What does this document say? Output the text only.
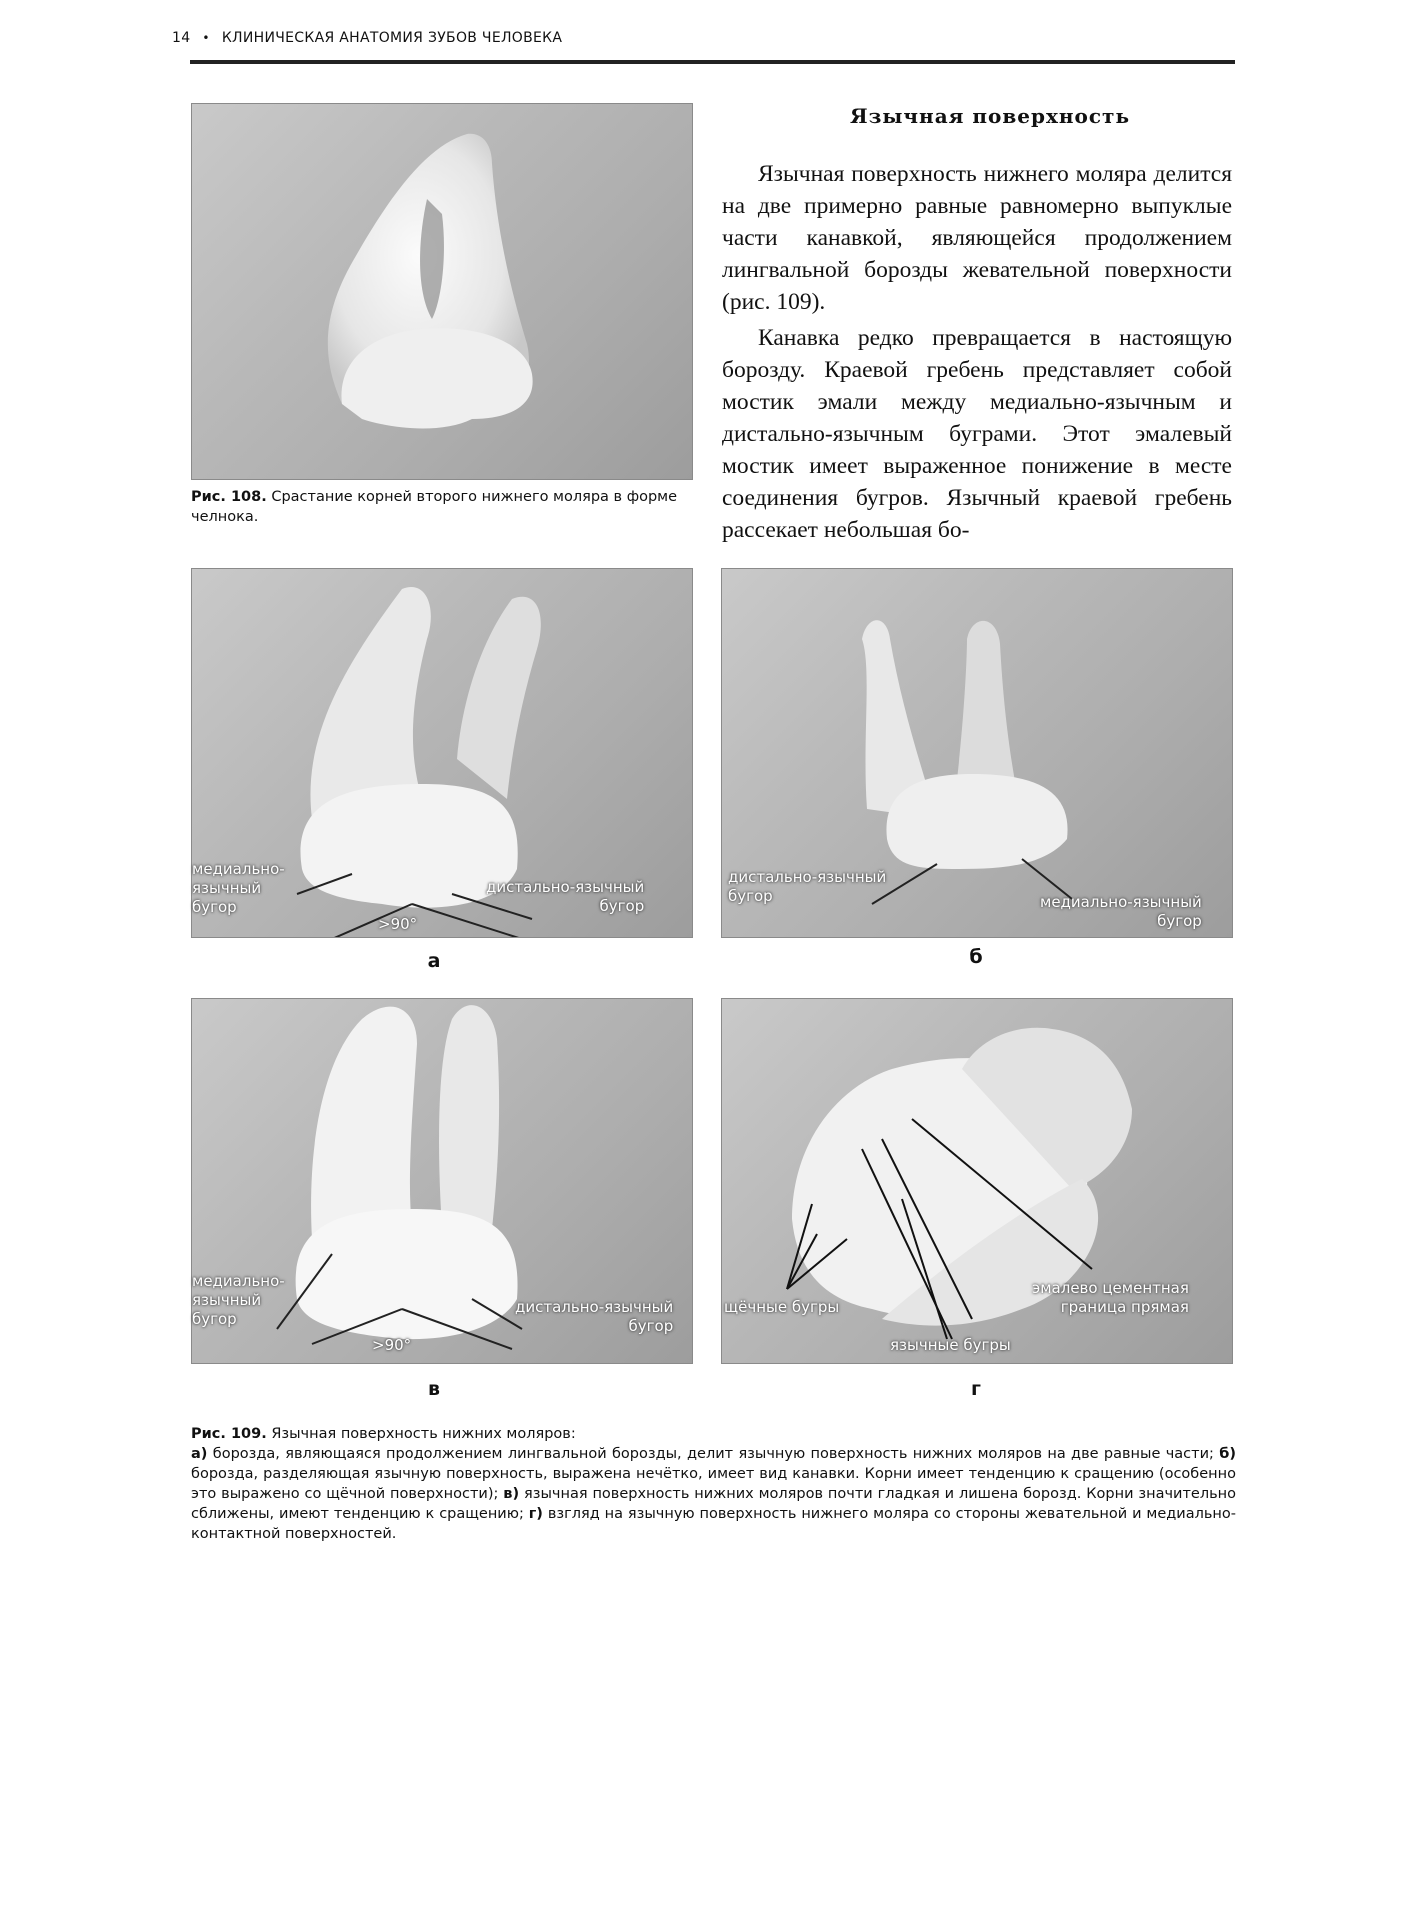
14 • КЛИНИЧЕСКАЯ АНАТОМИЯ ЗУБОВ ЧЕЛОВЕКА
Рис. 108. Срастание корней второго нижнего моляра в форме челнока.
Язычная поверхность

Язычная поверхность нижнего моляра делится на две примерно равные равномерно выпуклые части канавкой, являющейся продолжением лингвальной борозды жевательной поверхности (рис. 109).

Канавка редко превращается в настоящую борозду. Краевой гребень представляет собой мостик эмали между медиально-язычным и дистально-язычным буграми. Этот эмалевый мостик имеет выраженное понижение в месте соединения бугров. Язычный краевой гребень рассекает небольшая бо-

медиально-
язычный
бугор
дистально-язычный
бугор
>90°
а
дистально-язычный
бугор	медиально-язычный
бугор
б
медиально-
язычный
бугор
дистально-язычный
бугор
>90°
в
щёчные бугры
язычные бугры
эмалево цементная
граница прямая
г
Рис. 109. Язычная поверхность нижних моляров:
а) борозда, являющаяся продолжением лингвальной борозды, делит язычную поверхность нижних моляров на две равные части; б) борозда, разделяющая язычную поверхность, выражена нечётко, имеет вид канавки. Корни имеет тенденцию к сращению (особенно это выражено со щёчной поверхности); в) язычная поверхность нижних моляров почти гладкая и лишена борозд. Корни значительно сближены, имеют тенденцию к сращению; г) взгляд на язычную поверхность нижнего моляра со стороны жевательной и медиально-контактной поверхностей.
